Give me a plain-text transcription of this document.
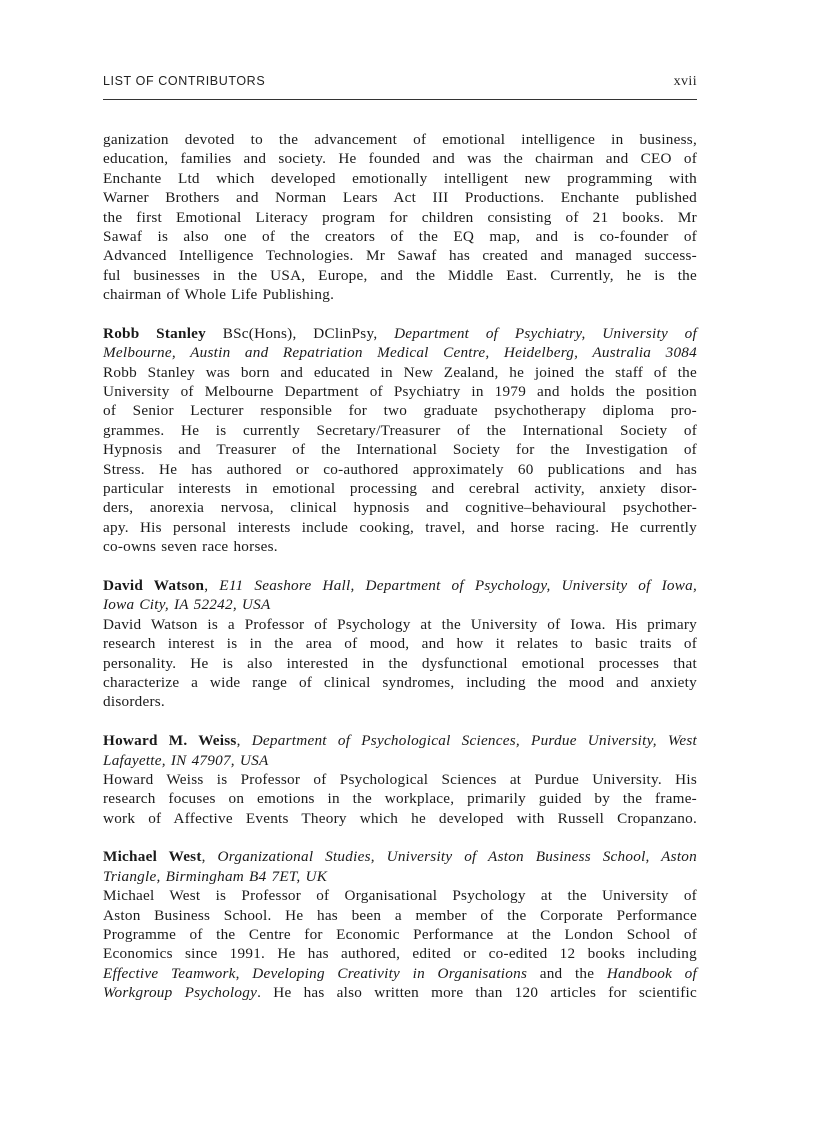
LIST OF CONTRIBUTORS	xvii
ganization devoted to the advancement of emotional intelligence in business,
education, families and society. He founded and was the chairman and CEO of
Enchante Ltd which developed emotionally intelligent new programming with
Warner Brothers and Norman Lears Act III Productions. Enchante published
the first Emotional Literacy program for children consisting of 21 books. Mr
Sawaf is also one of the creators of the EQ map, and is co-founder of
Advanced Intelligence Technologies. Mr Sawaf has created and managed success-
ful businesses in the USA, Europe, and the Middle East. Currently, he is the
chairman of Whole Life Publishing.
Robb Stanley BSc(Hons), DClinPsy, Department of Psychiatry, University of
Melbourne, Austin and Repatriation Medical Centre, Heidelberg, Australia 3084
Robb Stanley was born and educated in New Zealand, he joined the staff of the
University of Melbourne Department of Psychiatry in 1979 and holds the position
of Senior Lecturer responsible for two graduate psychotherapy diploma pro-
grammes. He is currently Secretary/Treasurer of the International Society of
Hypnosis and Treasurer of the International Society for the Investigation of
Stress. He has authored or co-authored approximately 60 publications and has
particular interests in emotional processing and cerebral activity, anxiety disor-
ders, anorexia nervosa, clinical hypnosis and cognitive–behavioural psychother-
apy. His personal interests include cooking, travel, and horse racing. He currently
co-owns seven race horses.
David Watson, E11 Seashore Hall, Department of Psychology, University of Iowa,
Iowa City, IA 52242, USA
David Watson is a Professor of Psychology at the University of Iowa. His primary
research interest is in the area of mood, and how it relates to basic traits of
personality. He is also interested in the dysfunctional emotional processes that
characterize a wide range of clinical syndromes, including the mood and anxiety
disorders.
Howard M. Weiss, Department of Psychological Sciences, Purdue University, West
Lafayette, IN 47907, USA
Howard Weiss is Professor of Psychological Sciences at Purdue University. His
research focuses on emotions in the workplace, primarily guided by the frame-
work of Affective Events Theory which he developed with Russell Cropanzano.
Michael West, Organizational Studies, University of Aston Business School, Aston
Triangle, Birmingham B4 7ET, UK
Michael West is Professor of Organisational Psychology at the University of
Aston Business School. He has been a member of the Corporate Performance
Programme of the Centre for Economic Performance at the London School of
Economics since 1991. He has authored, edited or co-edited 12 books including
Effective Teamwork, Developing Creativity in Organisations and the Handbook of
Workgroup Psychology. He has also written more than 120 articles for scientific
